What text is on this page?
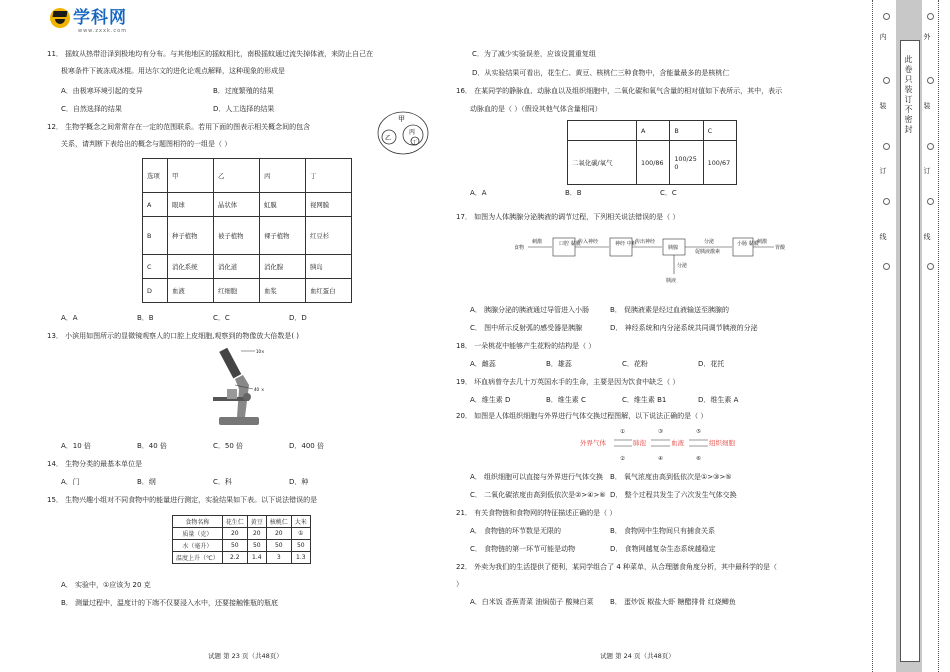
学科网
www.zxxk.com
11． 摇蚊从热带沿泽到极地均有分布。与其他地区的摇蚊相比，南极摇蚊通过流失掉体液，来防止自己在
极寒条件下被冻成冰棍。用达尔文的进化论观点解释，这种现象的形成是
A．由极寒环境引起的变异	B．过度繁殖的结果
C．自然选择的结果	D．人工选择的结果
12． 生物学概念之间常常存在一定的范围联系。若用下面的图表示相关概念间的包含
关系，请判断下表给出的概念与题图相符的一组是（ ）
甲
乙
丙
丁
选项	甲	乙	丙	丁
A	眼球	晶状体	虹膜	视网膜
B	种子植物	被子植物	裸子植物	红豆杉
C	消化系统	消化道	消化腺	胰岛
D	血液	红细胞	血浆	血红蛋白
A．A	B．B	C．C	D．D
13． 小滨用如图所示的显微镜观察人的口腔上皮细胞,观察到的物像放大倍数是( )
10×
40 ×
A．10 倍	B．40 倍	C．50 倍	D．400 倍
14． 生物分类的最基本单位是
A．门	B．纲	C．科	D．种
15． 生物兴趣小组对不同食物中的能量进行测定，实验结果如下表。以下说法错误的是
食物名称	花生仁	黄豆	核桃仁	大米
质量（克）	20	20	20	①
水（毫升）	50	50	50	50
温度上升（℃）	2.2	1.4	3	1.3
A． 实验中，①应该为 20 克
B． 测量过程中，温度计的下端不仅要浸入水中，还要接触锥瓶的瓶底
试题 第 23 页（共48页）
C．为了减少实验误差，应该设置重复组
D．从实验结果可看出，花生仁、黄豆、核桃仁三种食物中，含能量最多的是核桃仁
16． 在某同学的静脉血、动脉血以及组织细胞中，二氧化碳和氧气含量的相对值如下表所示，其中，表示
动脉血的是（ ）（假设其他气体含量相同）
	A	B	C
二氧化碳/氧气	100/86	100/25
0	100/67
A．A	B．B	C．C
17． 如图为人体胰腺分泌胰液的调节过程，下列相关说法错误的是（ ）
食物
刺激	口腔 黏膜
传入神经	神经 中枢
传出神经
胰腺
分泌
促胰液激素
小肠 黏膜
刺激
胃酸
分泌
胰液
A． 胰腺分泌的胰液通过导管进入小肠	B． 促胰液素是经过血液输送至胰腺的
C． 图中所示反射弧的感受器是胰腺	D． 神经系统和内分泌系统共同调节胰液的分泌
18． 一朵桃花中能够产生花粉的结构是（ ）
A．雌蕊	B．雄蕊	C．花粉	D．花托
19． 坏血病曾夺去几十万英国水手的生命，主要是因为饮食中缺乏（ ）
A．维生素 D	B．维生素 C	C．维生素 B1	D．维生素 A
20． 如图是人体组织细胞与外界进行气体交换过程图解，以下说法正确的是（ ）
①	③	⑤
②	④	⑥
外界气体	肺泡	血液	组织细胞
A． 组织细胞可以直接与外界进行气体交换 B． 氧气浓度由高到低依次是①>③>⑤
C． 二氧化碳浓度由高到低依次是②>④>⑥ D． 整个过程共发生了六次发生气体交换
21． 有关食物链和食物网的特征描述正确的是（ ）
A． 食物链的环节数是无限的	B． 食物网中生物间只有捕食关系
C． 食物链的第一环节可能是动物	D． 食物网越复杂生态系统越稳定
22． 外卖为我们的生活提供了便利，某同学组合了 4 种菜单，从合理膳食角度分析，其中最科学的是（
）
A．白米饭 香蕉青菜 油焖茄子 酸辣白菜 B． 蛋炒饭 椒盐大虾 糖醋排骨 红烧鲫鱼
试题 第 24 页（共48页）
内
装
订
线
此卷只装订不密封
外
装
订
线
